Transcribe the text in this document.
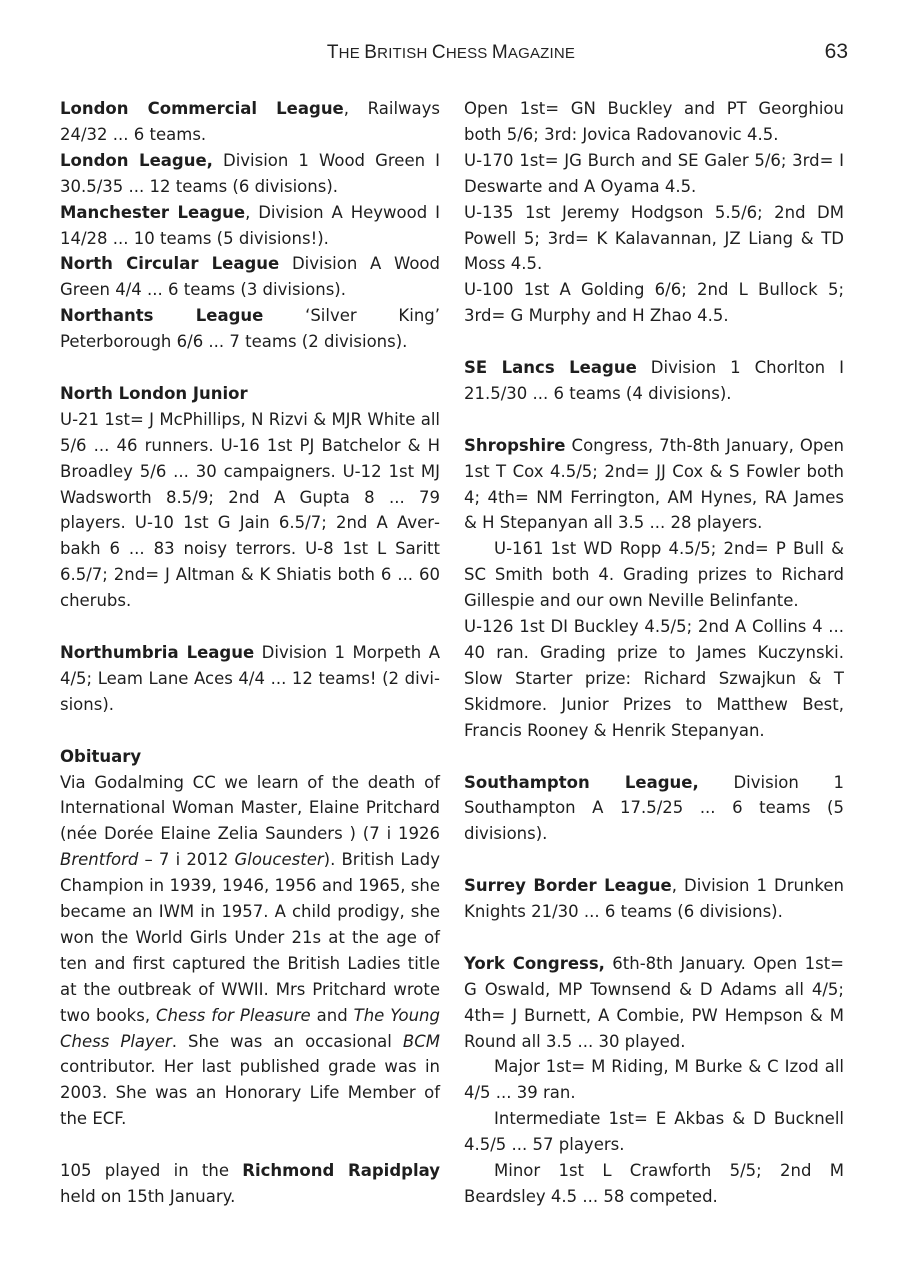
THE BRITISH CHESS MAGAZINE	63

London Commercial League, Railways 24/32 ... 6 teams.

London League, Division 1 Wood Green I 30.5/35 ... 12 teams (6 divisions).

Manchester League, Division A Heywood I 14/28 ... 10 teams (5 divisions!).

North Circular League Division A Wood Green 4/4 ... 6 teams (3 divisions).

Northants League ‘Silver King’ Peterborough 6/6 ... 7 teams (2 divisions).

North London Junior

U-21 1st= J McPhillips, N Rizvi & MJR White all 5/6 ... 46 runners. U-16 1st PJ Batchelor & H Broadley 5/6 ... 30 campaigners. U-12 1st MJ Wadsworth 8.5/9; 2nd A Gupta 8 ... 79 players. U-10 1st G Jain 6.5/7; 2nd A Averbakh 6 ... 83 noisy terrors. U-8 1st L Saritt 6.5/7; 2nd= J Altman & K Shiatis both 6 ... 60 cherubs.

Northumbria League Division 1 Morpeth A 4/5; Leam Lane Aces 4/4 ... 12 teams! (2 divisions).

Obituary

Via Godalming CC we learn of the death of International Woman Master, Elaine Pritchard (née Dorée Elaine Zelia Saunders ) (7 i 1926 Brentford – 7 i 2012 Gloucester). British Lady Champion in 1939, 1946, 1956 and 1965, she became an IWM in 1957. A child prodigy, she won the World Girls Under 21s at the age of ten and first captured the British Ladies title at the outbreak of WWII. Mrs Pritchard wrote two books, Chess for Pleasure and The Young Chess Player. She was an occasional BCM contributor. Her last published grade was in 2003. She was an Honorary Life Member of the ECF.

105 played in the Richmond Rapidplay held on 15th January.

Open 1st= GN Buckley and PT Georghiou both 5/6; 3rd: Jovica Radovanovic 4.5.

U-170 1st= JG Burch and SE Galer 5/6; 3rd= I Deswarte and A Oyama 4.5.

U-135 1st Jeremy Hodgson 5.5/6; 2nd DM Powell 5; 3rd= K Kalavannan, JZ Liang & TD Moss 4.5.

U-100 1st A Golding 6/6; 2nd L Bullock 5; 3rd= G Murphy and H Zhao 4.5.

SE Lancs League Division 1 Chorlton I 21.5/30 ... 6 teams (4 divisions).

Shropshire Congress, 7th-8th January, Open 1st T Cox 4.5/5; 2nd= JJ Cox & S Fowler both 4; 4th= NM Ferrington, AM Hynes, RA James & H Stepanyan all 3.5 ... 28 players.

U-161 1st WD Ropp 4.5/5; 2nd= P Bull & SC Smith both 4. Grading prizes to Richard Gillespie and our own Neville Belinfante.

U-126 1st DI Buckley 4.5/5; 2nd A Collins 4 ... 40 ran. Grading prize to James Kuczynski. Slow Starter prize: Richard Szwajkun & T Skidmore. Junior Prizes to Matthew Best, Francis Rooney & Henrik Stepanyan.

Southampton League, Division 1 Southampton A 17.5/25 ... 6 teams (5 divisions).

Surrey Border League, Division 1 Drunken Knights 21/30 ... 6 teams (6 divisions).

York Congress, 6th-8th January. Open 1st= G Oswald, MP Townsend & D Adams all 4/5; 4th= J Burnett, A Combie, PW Hempson & M Round all 3.5 ... 30 played.

Major 1st= M Riding, M Burke & C Izod all 4/5 ... 39 ran.

Intermediate 1st= E Akbas & D Bucknell 4.5/5 ... 57 players.

Minor 1st L Crawforth 5/5; 2nd M Beardsley 4.5 ... 58 competed.
